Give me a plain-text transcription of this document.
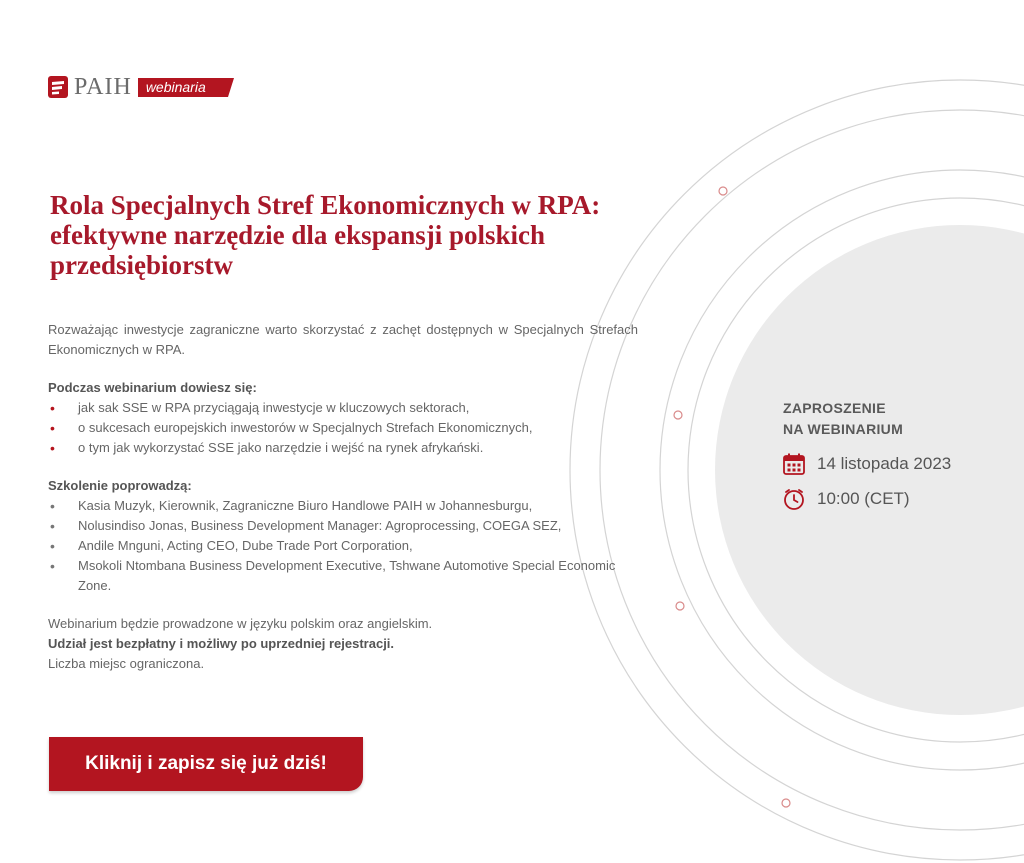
PAIH webinaria
Rola Specjalnych Stref Ekonomicznych w RPA: efektywne narzędzie dla ekspansji polskich przedsiębiorstw

Rozważając inwestycje zagraniczne warto skorzystać z zachęt dostępnych w Specjalnych Strefach Ekonomicznych w RPA.

Podczas webinarium dowiesz się:

• jak sak SSE w RPA przyciągają inwestycje w kluczowych sektorach,
• o sukcesach europejskich inwestorów w Specjalnych Strefach Ekonomicznych,
• o tym jak wykorzystać SSE jako narzędzie i wejść na rynek afrykański.

Szkolenie poprowadzą:

• Kasia Muzyk, Kierownik, Zagraniczne Biuro Handlowe PAIH w Johannesburgu,
• Nolusindiso Jonas, Business Development Manager: Agroprocessing, COEGA SEZ,
• Andile Mnguni, Acting CEO, Dube Trade Port Corporation,
• Msokoli Ntombana Business Development Executive, Tshwane Automotive Special Economic Zone.

Webinarium będzie prowadzone w języku polskim oraz angielskim.

Udział jest bezpłatny i możliwy po uprzedniej rejestracji.

Liczba miejsc ograniczona.

Kliknij i zapisz się już dziś!
ZAPROSZENIE
NA WEBINARIUM
14 listopada 2023
10:00 (CET)
